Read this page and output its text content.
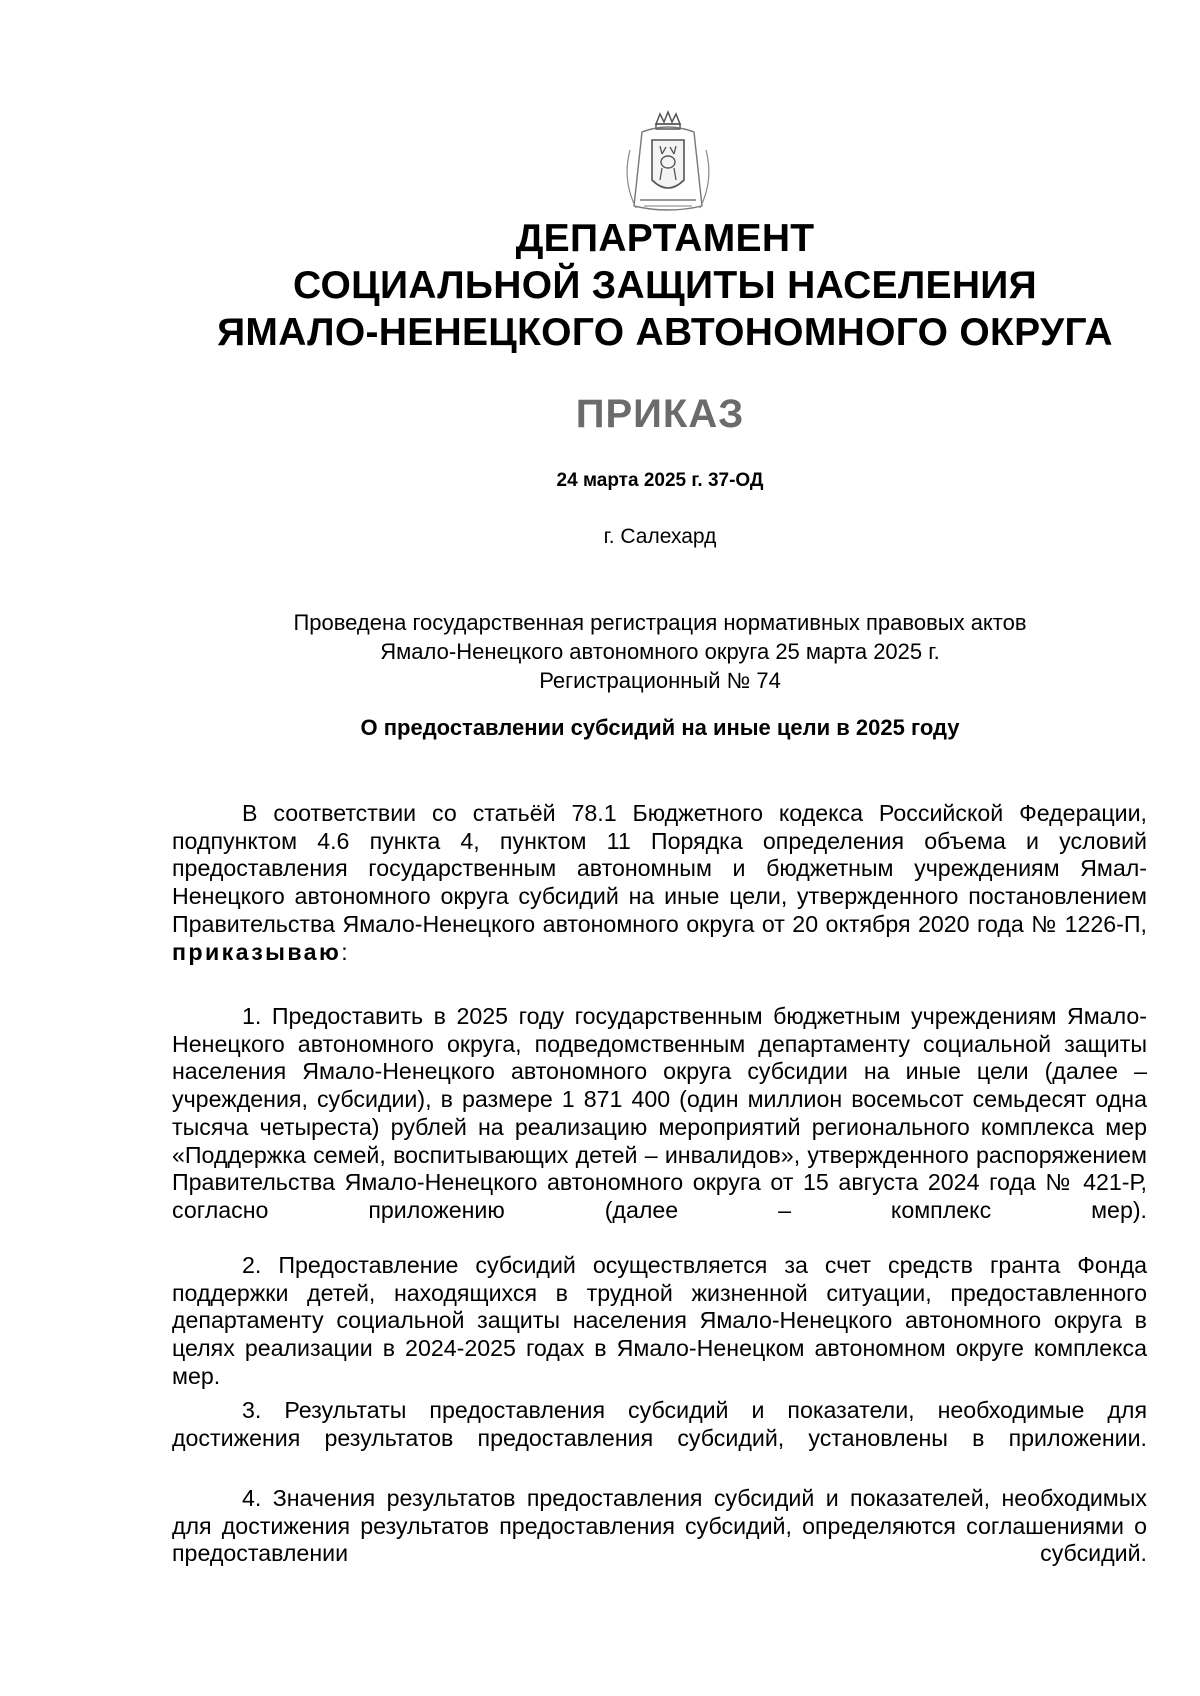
ДЕПАРТАМЕНТ
СОЦИАЛЬНОЙ ЗАЩИТЫ НАСЕЛЕНИЯ
ЯМАЛО-НЕНЕЦКОГО АВТОНОМНОГО ОКРУГА
ПРИКАЗ
24 марта 2025 г. 37-ОД
г. Салехард
Проведена государственная регистрация нормативных правовых актов
Ямало-Ненецкого автономного округа 25 марта 2025 г.
Регистрационный № 74
О предоставлении субсидий на иные цели в 2025 году

В соответствии со статьёй 78.1 Бюджетного кодекса Российской Федерации, подпунктом 4.6 пункта 4, пунктом 11 Порядка определения объема и условий предоставления государственным автономным и бюджетным учреждениям Ямал-Ненецкого автономного округа субсидий на иные цели, утвержденного постановлением Правительства Ямало-Ненецкого автономного округа от 20 октября 2020 года № 1226-П, приказываю:

1. Предоставить в 2025 году государственным бюджетным учреждениям Ямало-Ненецкого автономного округа, подведомственным департаменту социальной защиты населения Ямало-Ненецкого автономного округа субсидии на иные цели (далее – учреждения, субсидии), в размере 1 871 400 (один миллион восемьсот семьдесят одна тысяча четыреста) рублей на реализацию мероприятий регионального комплекса мер «Поддержка семей, воспитывающих детей – инвалидов», утвержденного распоряжением Правительства Ямало-Ненецкого автономного округа от 15 августа 2024 года № 421-Р, согласно приложению (далее – комплекс мер).

2. Предоставление субсидий осуществляется за счет средств гранта Фонда поддержки детей, находящихся в трудной жизненной ситуации, предоставленного департаменту социальной защиты населения Ямало-Ненецкого автономного округа в целях реализации в 2024-2025 годах в Ямало-Ненецком автономном округе комплекса мер.

3. Результаты предоставления субсидий и показатели, необходимые для достижения результатов предоставления субсидий, установлены в приложении.

4. Значения результатов предоставления субсидий и показателей, необходимых для достижения результатов предоставления субсидий, определяются соглашениями о предоставлении субсидий.
